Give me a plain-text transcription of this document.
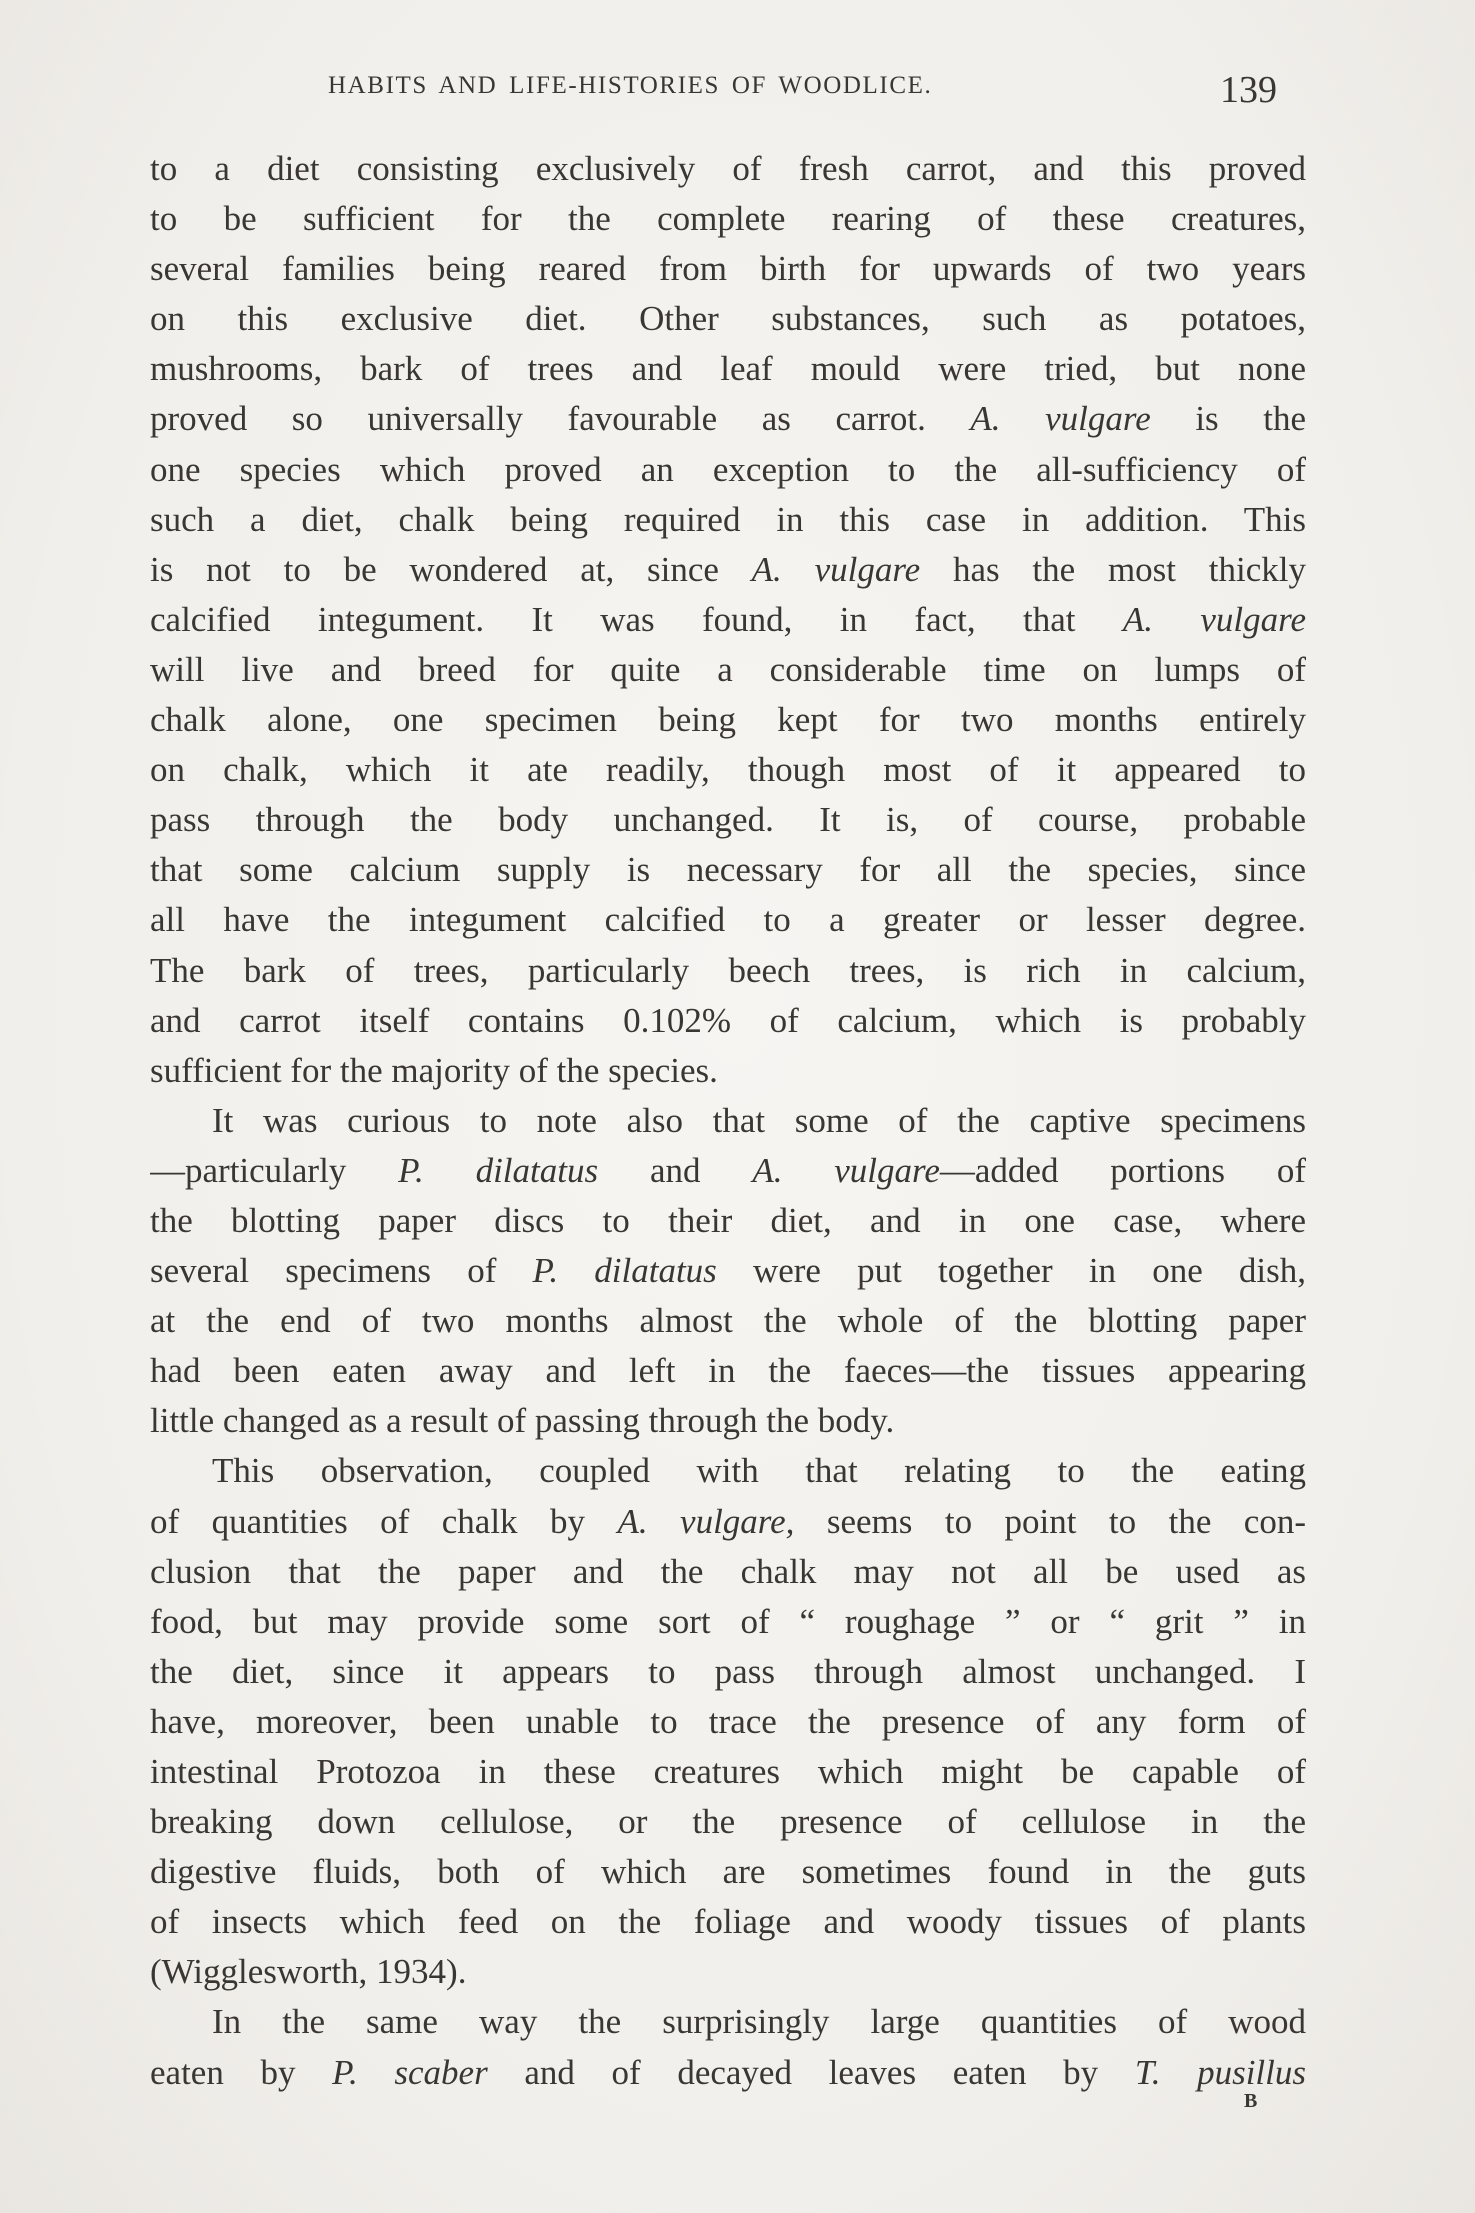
HABITS AND LIFE-HISTORIES OF WOODLICE.	139
to a diet consisting exclusively of fresh carrot, and this proved
to be sufficient for the complete rearing of these creatures,
several families being reared from birth for upwards of two years
on this exclusive diet. Other substances, such as potatoes,
mushrooms, bark of trees and leaf mould were tried, but none
proved so universally favourable as carrot. A. vulgare is the
one species which proved an exception to the all-sufficiency of
such a diet, chalk being required in this case in addition. This
is not to be wondered at, since A. vulgare has the most thickly
calcified integument. It was found, in fact, that A. vulgare
will live and breed for quite a considerable time on lumps of
chalk alone, one specimen being kept for two months entirely
on chalk, which it ate readily, though most of it appeared to
pass through the body unchanged. It is, of course, probable
that some calcium supply is necessary for all the species, since
all have the integument calcified to a greater or lesser degree.
The bark of trees, particularly beech trees, is rich in calcium,
and carrot itself contains 0.102% of calcium, which is probably
sufficient for the majority of the species.
It was curious to note also that some of the captive specimens
—particularly P. dilatatus and A. vulgare—added portions of
the blotting paper discs to their diet, and in one case, where
several specimens of P. dilatatus were put together in one dish,
at the end of two months almost the whole of the blotting paper
had been eaten away and left in the faeces—the tissues appearing
little changed as a result of passing through the body.
This observation, coupled with that relating to the eating
of quantities of chalk by A. vulgare, seems to point to the con-
clusion that the paper and the chalk may not all be used as
food, but may provide some sort of “ roughage ” or “ grit ” in
the diet, since it appears to pass through almost unchanged. I
have, moreover, been unable to trace the presence of any form of
intestinal Protozoa in these creatures which might be capable of
breaking down cellulose, or the presence of cellulose in the
digestive fluids, both of which are sometimes found in the guts
of insects which feed on the foliage and woody tissues of plants
(Wigglesworth, 1934).
In the same way the surprisingly large quantities of wood
eaten by P. scaber and of decayed leaves eaten by T. pusillus
B
